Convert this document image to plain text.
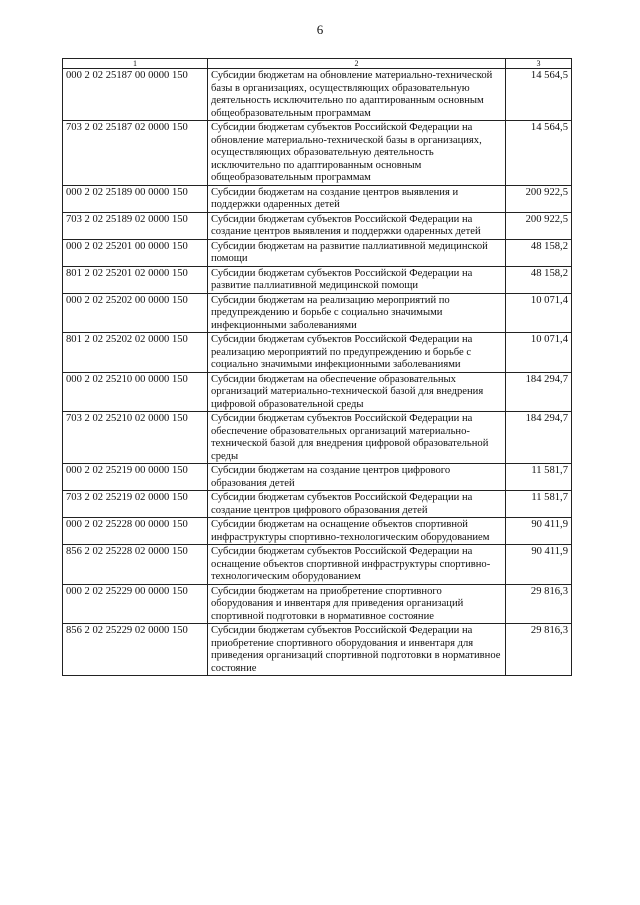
6
1	2	3
000 2 02 25187 00 0000 150	Субсидии бюджетам на обновление материально-технической базы в организациях, осуществляющих образовательную деятельность исключительно по адаптированным основным общеобразовательным программам	14 564,5
703 2 02 25187 02 0000 150	Субсидии бюджетам субъектов Российской Федерации на обновление материально-технической базы в организациях, осуществляющих образовательную деятельность исключительно по адаптированным основным общеобразовательным программам	14 564,5
000 2 02 25189 00 0000 150	Субсидии бюджетам на создание центров выявления и поддержки одаренных детей	200 922,5
703 2 02 25189 02 0000 150	Субсидии бюджетам субъектов Российской Федерации на создание центров выявления и поддержки одаренных детей	200 922,5
000 2 02 25201 00 0000 150	Субсидии бюджетам на развитие паллиативной медицинской помощи	48 158,2
801 2 02 25201 02 0000 150	Субсидии бюджетам субъектов Российской Федерации на развитие паллиативной медицинской помощи	48 158,2
000 2 02 25202 00 0000 150	Субсидии бюджетам на реализацию мероприятий по предупреждению и борьбе с социально значимыми инфекционными заболеваниями	10 071,4
801 2 02 25202 02 0000 150	Субсидии бюджетам субъектов Российской Федерации на реализацию мероприятий по предупреждению и борьбе с социально значимыми инфекционными заболеваниями	10 071,4
000 2 02 25210 00 0000 150	Субсидии бюджетам на обеспечение образовательных организаций материально-технической базой для внедрения цифровой образовательной среды	184 294,7
703 2 02 25210 02 0000 150	Субсидии бюджетам субъектов Российской Федерации на обеспечение образовательных организаций материально-технической базой для внедрения цифровой образовательной среды	184 294,7
000 2 02 25219 00 0000 150	Субсидии бюджетам на создание центров цифрового образования детей	11 581,7
703 2 02 25219 02 0000 150	Субсидии бюджетам субъектов Российской Федерации на создание центров цифрового образования детей	11 581,7
000 2 02 25228 00 0000 150	Субсидии бюджетам на оснащение объектов спортивной инфраструктуры спортивно-технологическим оборудованием	90 411,9
856 2 02 25228 02 0000 150	Субсидии бюджетам субъектов Российской Федерации на оснащение объектов спортивной инфраструктуры спортивно-технологическим оборудованием	90 411,9
000 2 02 25229 00 0000 150	Субсидии бюджетам на приобретение спортивного оборудования и инвентаря для приведения организаций спортивной подготовки в нормативное состояние	29 816,3
856 2 02 25229 02 0000 150	Субсидии бюджетам субъектов Российской Федерации на приобретение спортивного оборудования и инвентаря для приведения организаций спортивной подготовки в нормативное состояние	29 816,3
